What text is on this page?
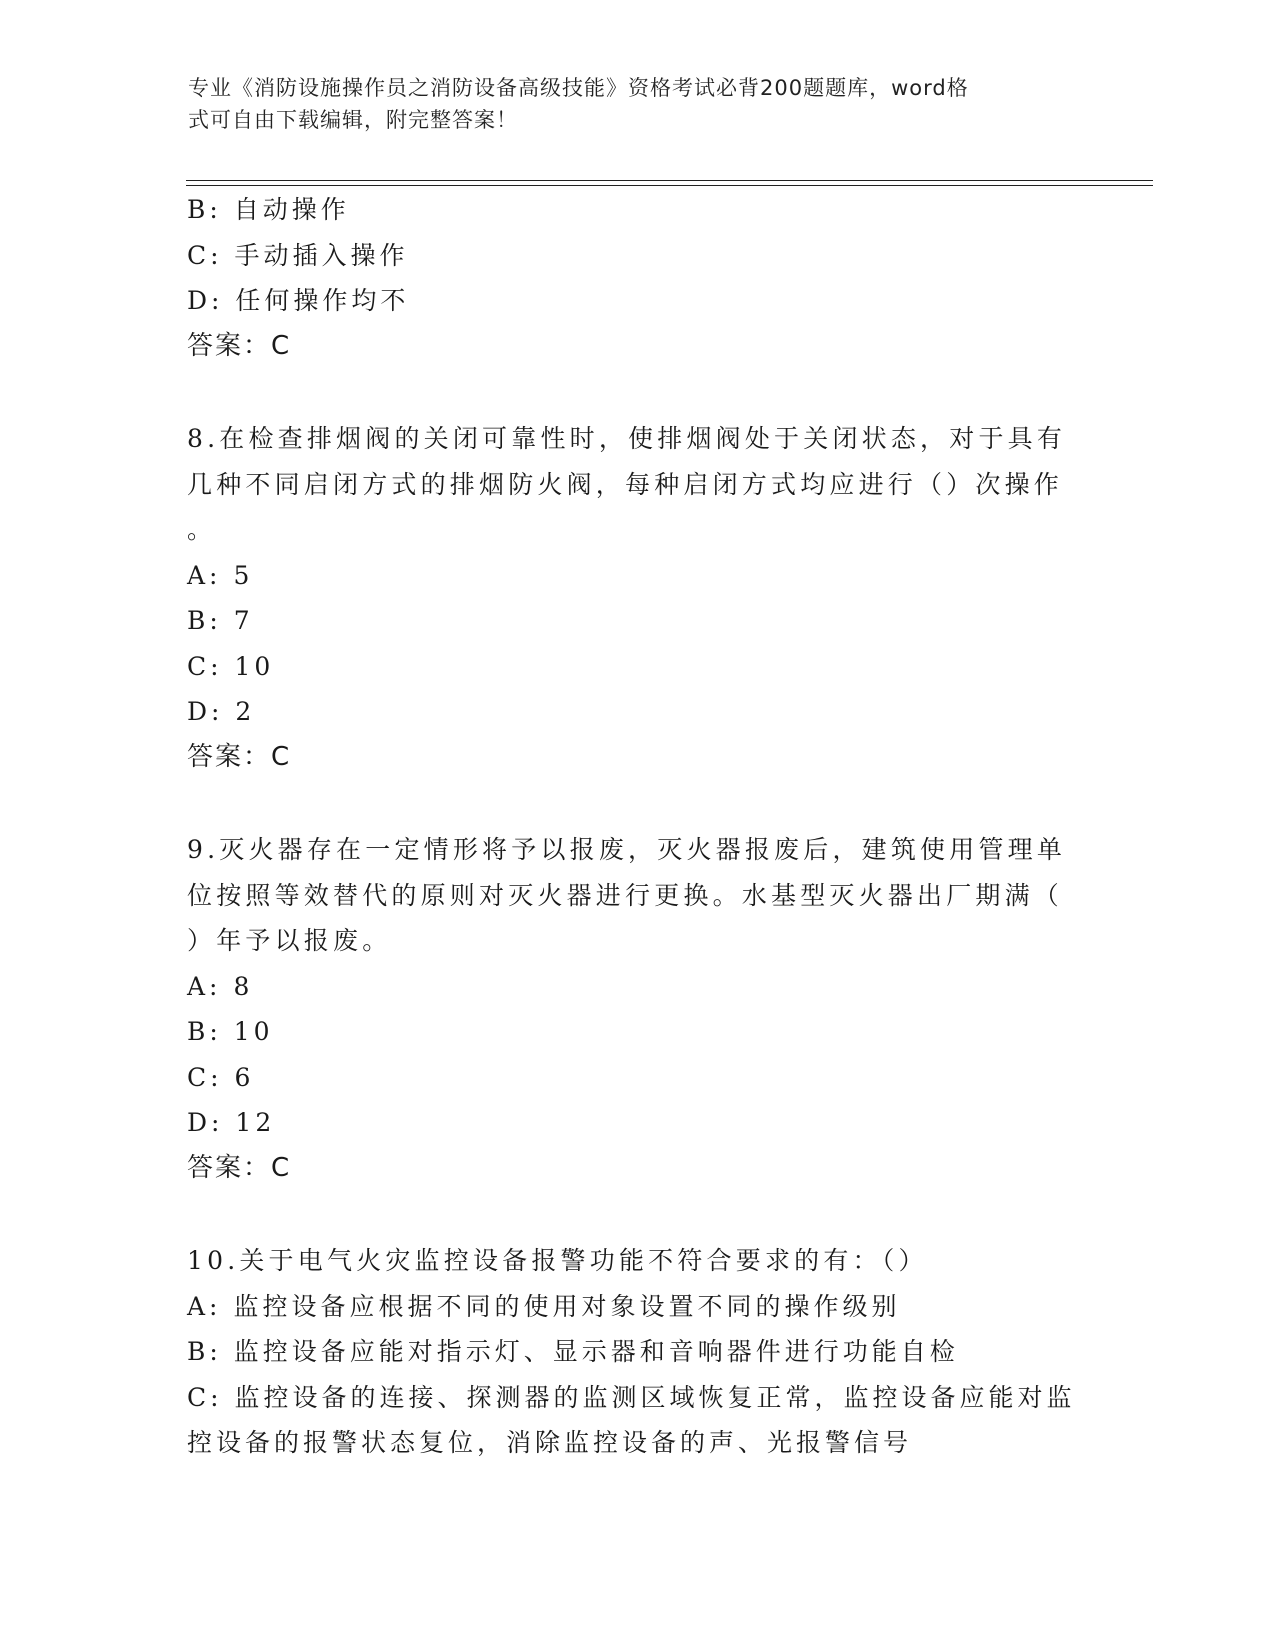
专业《消防设施操作员之消防设备高级技能》资格考试必背200题题库，word格
式可自由下载编辑，附完整答案！
B: 自动操作
C: 手动插入操作
D: 任何操作均不
答案：C
8.在检查排烟阀的关闭可靠性时，使排烟阀处于关闭状态，对于具有
几种不同启闭方式的排烟防火阀，每种启闭方式均应进行（）次操作
。
A: 5
B: 7
C: 10
D: 2
答案：C
9.灭火器存在一定情形将予以报废，灭火器报废后，建筑使用管理单
位按照等效替代的原则对灭火器进行更换。水基型灭火器出厂期满（
）年予以报废。
A: 8
B: 10
C: 6
D: 12
答案：C
10.关于电气火灾监控设备报警功能不符合要求的有：（）
A: 监控设备应根据不同的使用对象设置不同的操作级别
B: 监控设备应能对指示灯、显示器和音响器件进行功能自检
C: 监控设备的连接、探测器的监测区域恢复正常，监控设备应能对监
控设备的报警状态复位，消除监控设备的声、光报警信号
